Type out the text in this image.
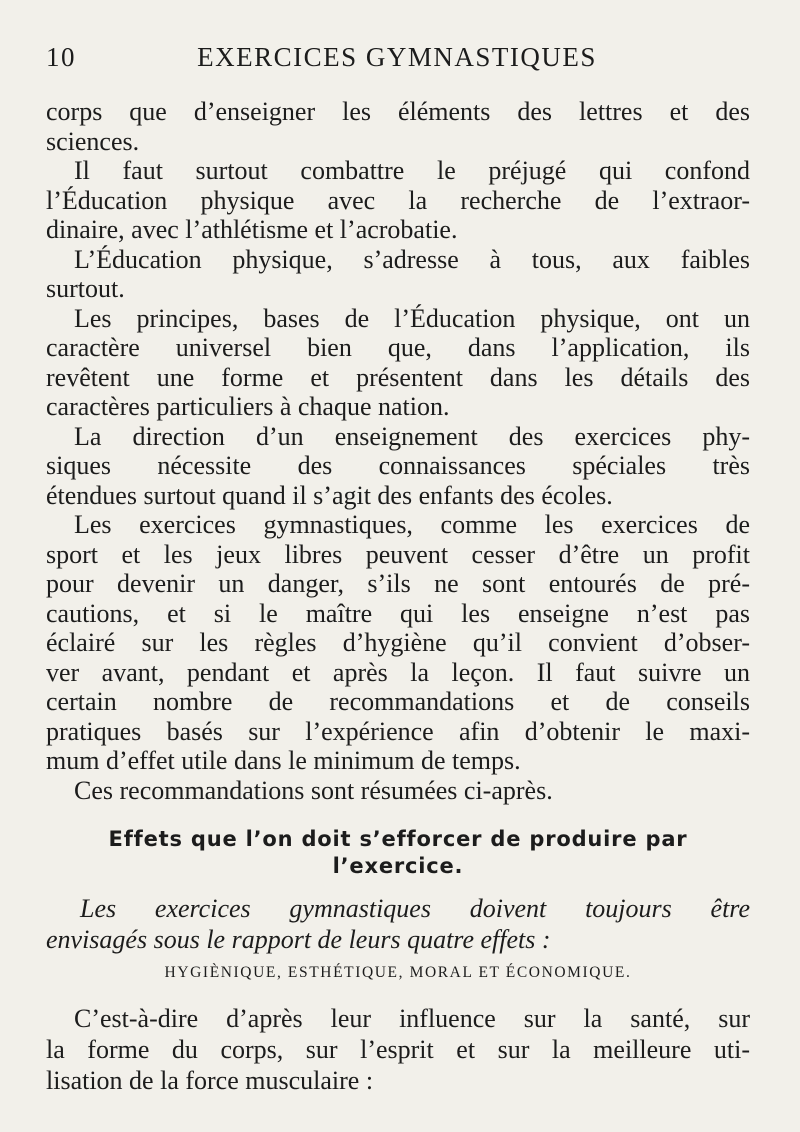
10	EXERCICES GYMNASTIQUES

corps que d’enseigner les éléments des lettres et des
sciences.

Il faut surtout combattre le préjugé qui confond
l’Éducation physique avec la recherche de l’extraor-
dinaire, avec l’athlétisme et l’acrobatie.

L’Éducation physique, s’adresse à tous, aux faibles
surtout.

Les principes, bases de l’Éducation physique, ont un
caractère universel bien que, dans l’application, ils
revêtent une forme et présentent dans les détails des
caractères particuliers à chaque nation.

La direction d’un enseignement des exercices phy-
siques nécessite des connaissances spéciales très
étendues surtout quand il s’agit des enfants des écoles.

Les exercices gymnastiques, comme les exercices de
sport et les jeux libres peuvent cesser d’être un profit
pour devenir un danger, s’ils ne sont entourés de pré-
cautions, et si le maître qui les enseigne n’est pas
éclairé sur les règles d’hygiène qu’il convient d’obser-
ver avant, pendant et après la leçon. Il faut suivre un
certain nombre de recommandations et de conseils
pratiques basés sur l’expérience afin d’obtenir le maxi-
mum d’effet utile dans le minimum de temps.

Ces recommandations sont résumées ci-après.

Effets que l’on doit s’efforcer de produire par
l’exercice.
Les exercices gymnastiques doivent toujours être
envisagés sous le rapport de leurs quatre effets :
HYGIÈNIQUE, ESTHÉTIQUE, MORAL ET ÉCONOMIQUE.
C’est-à-dire d’après leur influence sur la santé, sur
la forme du corps, sur l’esprit et sur la meilleure uti-
lisation de la force musculaire :
